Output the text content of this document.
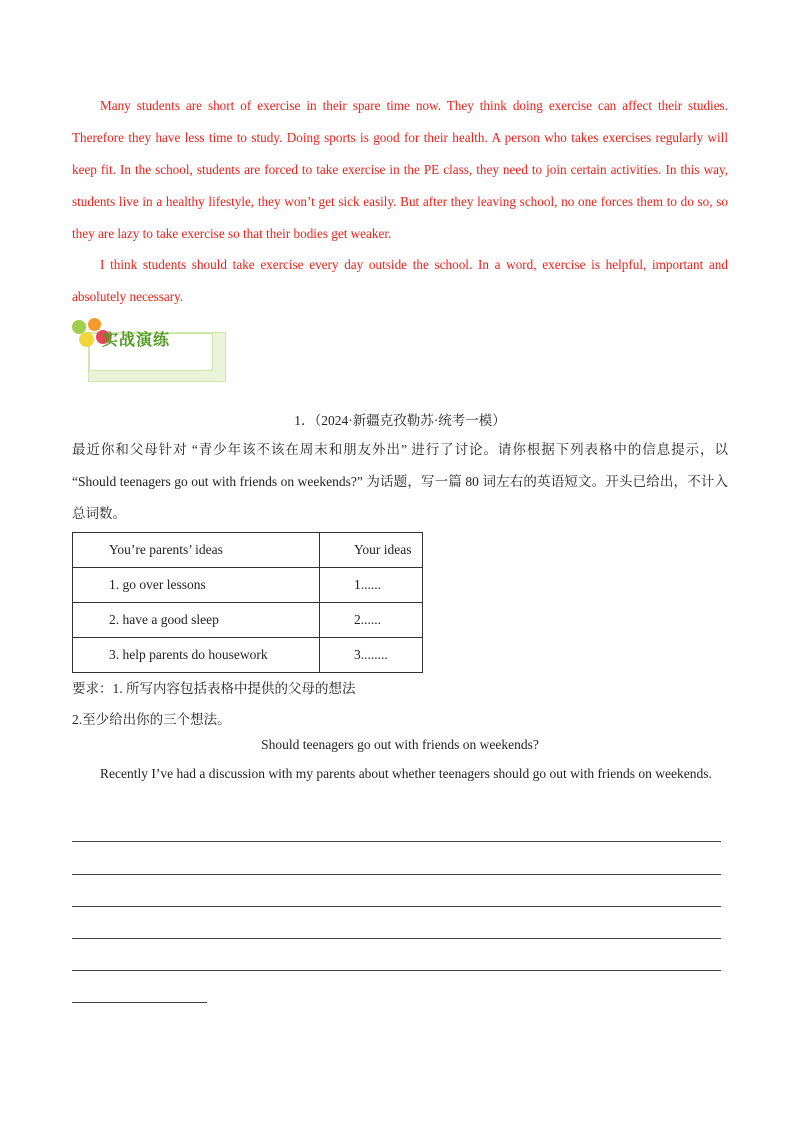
Many students are short of exercise in their spare time now. They think doing exercise can affect their studies. Therefore they have less time to study. Doing sports is good for their health. A person who takes exercises regularly will keep fit. In the school, students are forced to take exercise in the PE class, they need to join certain activities. In this way, students live in a healthy lifestyle, they won’t get sick easily. But after they leaving school, no one forces them to do so, so they are lazy to take exercise so that their bodies get weaker.

I think students should take exercise every day outside the school. In a word, exercise is helpful, important and absolutely necessary.

实战演练

1．（2024·新疆克孜勒苏·统考一模）

最近你和父母针对 “青少年该不该在周末和朋友外出” 进行了讨论。请你根据下列表格中的信息提示，以 “Should teenagers go out with friends on weekends?” 为话题，写一篇 80 词左右的英语短文。开头已给出，不计入总词数。

You’re parents’ ideas	Your ideas
1. go over lessons	1......
2. have a good sleep	2......
3. help parents do housework	3........

要求：1. 所写内容包括表格中提供的父母的想法

2.至少给出你的三个想法。

Should teenagers go out with friends on weekends?

Recently I’ve had a discussion with my parents about whether teenagers should go out with friends on weekends.
